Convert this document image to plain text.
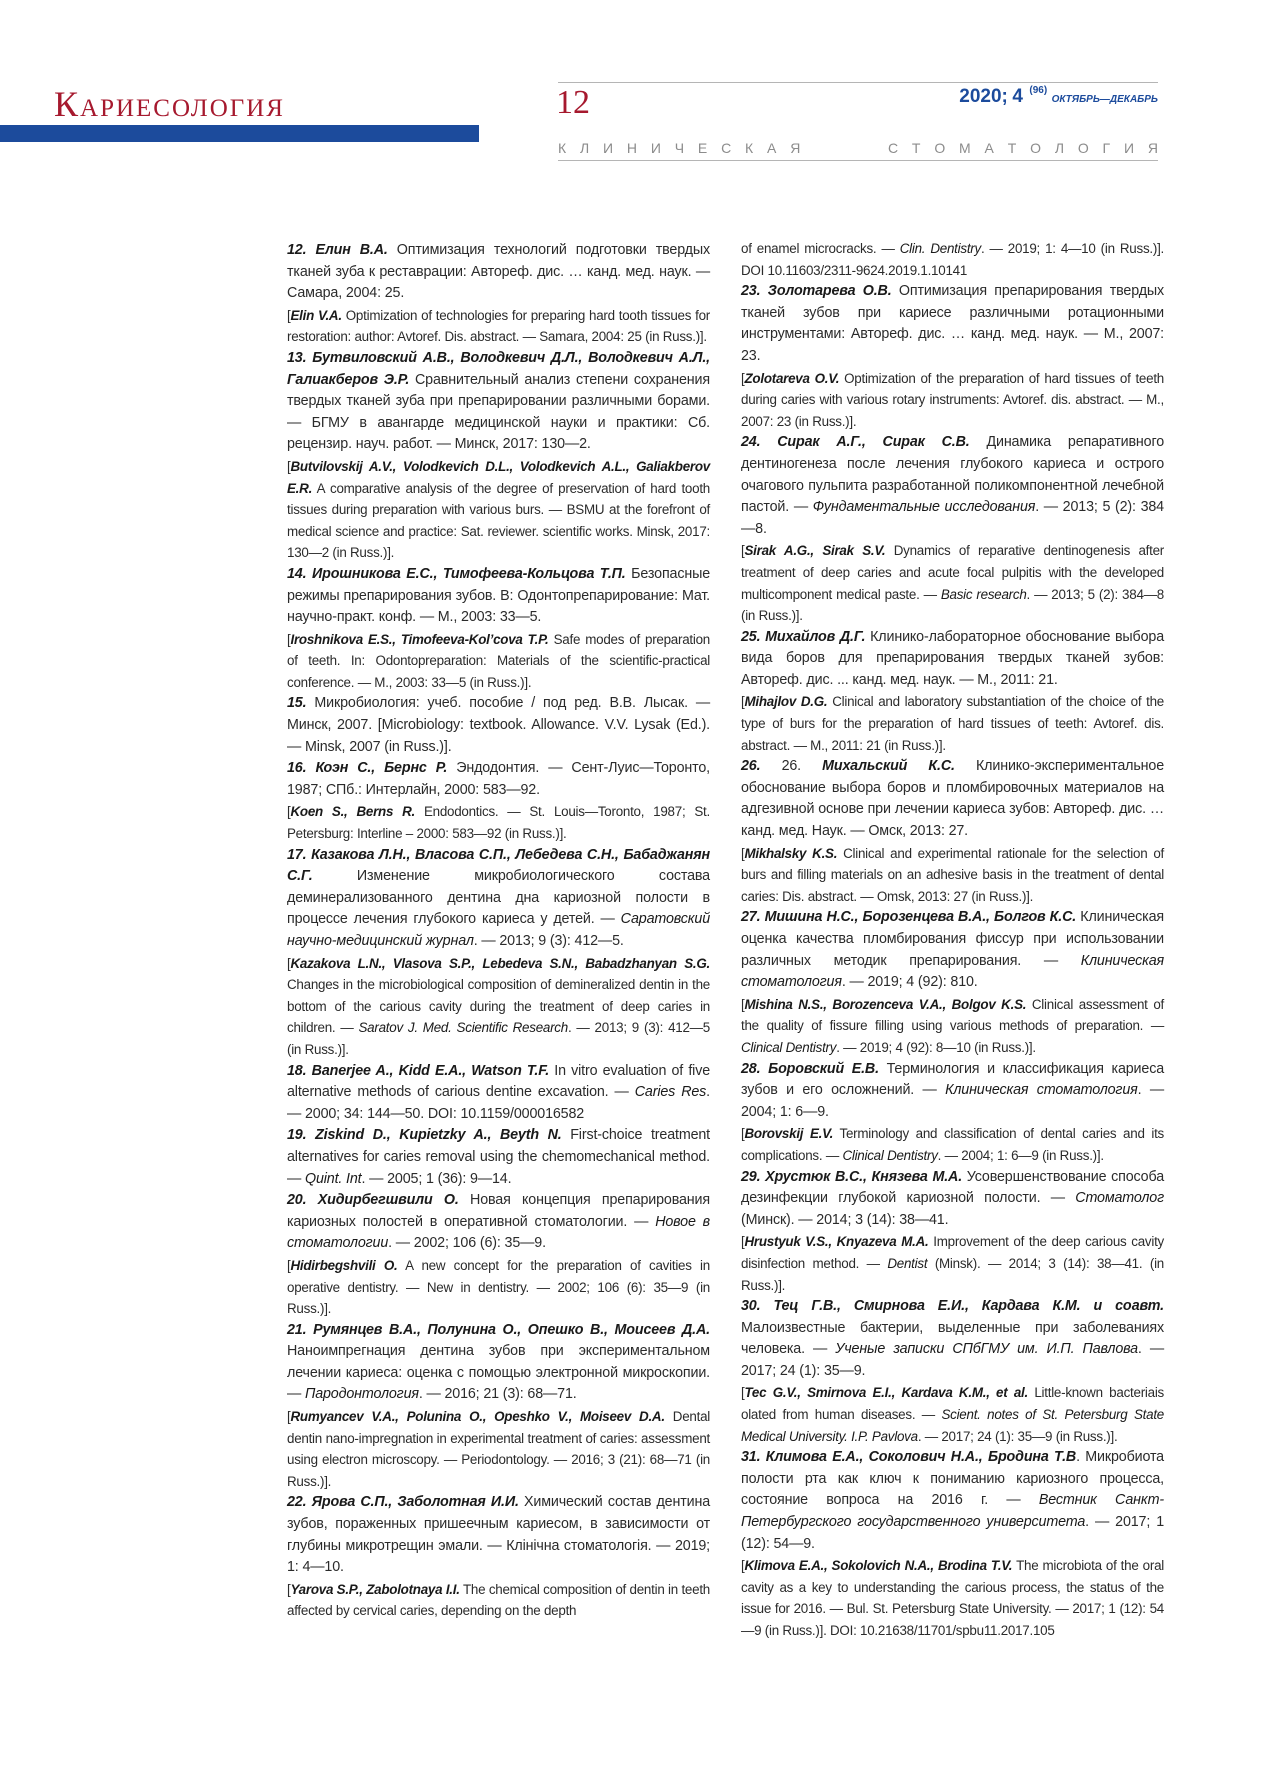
Кариесология	12	2020; 4 $^{(96)}$ ОКТЯБРЬ—ДЕКАБРЬ
К Л И Н И Ч Е С К А Я	С Т О М А Т О Л О Г И Я

12. Елин В.А. Оптимизация технологий подготовки твердых тканей зуба к реставрации: Автореф. дис. … канд. мед. наук. — Самара, 2004: 25.

[Elin V.A. Optimization of technologies for preparing hard tooth tissues for restoration: author: Avtoref. Dis. abstract. — Samara, 2004: 25 (in Russ.)].

13. Бутвиловский А.В., Володкевич Д.Л., Володкевич А.Л., Галиакберов Э.Р. Сравнительный анализ степени сохранения твердых тканей зуба при препарировании различными борами. — БГМУ в авангарде медицинской науки и практики: Сб. рецензир. науч. работ. — Минск, 2017: 130—2.

[Butvilovskij A.V., Volodkevich D.L., Volodkevich A.L., Galiakberov E.R. A comparative analysis of the degree of preservation of hard tooth tissues during preparation with various burs. — BSMU at the forefront of medical science and practice: Sat. reviewer. scientific works. Minsk, 2017: 130—2 (in Russ.)].

14. Ирошникова Е.С., Тимофеева-Кольцова Т.П. Безопасные режимы препарирования зубов. В: Одонтопрепарирование: Мат. научно-практ. конф. — М., 2003: 33—5.

[Iroshnikova E.S., Timofeeva-Kol’cova T.P. Safe modes of preparation of teeth. In: Odontopreparation: Materials of the scientific-practical conference. — M., 2003: 33—5 (in Russ.)].

15. Микробиология: учеб. пособие / под ред. В.В. Лысак. — Минск, 2007. [Microbiology: textbook. Allowance. V.V. Lysak (Ed.). — Minsk, 2007 (in Russ.)].

16. Коэн С., Бернс Р. Эндодонтия. — Сент-Луис—Торонто, 1987; СПб.: Интерлайн, 2000: 583—92.

[Koen S., Berns R. Endodontics. — St. Louis—Toronto, 1987; St. Petersburg: Interline – 2000: 583—92 (in Russ.)].

17. Казакова Л.Н., Власова С.П., Лебедева С.Н., Бабаджанян С.Г. Изменение микробиологического состава деминерализованного дентина дна кариозной полости в процессе лечения глубокого кариеса у детей. — Саратовский научно-медицинский журнал. — 2013; 9 (3): 412—5.

[Kazakova L.N., Vlasova S.P., Lebedeva S.N., Babadzhanyan S.G. Changes in the microbiological composition of demineralized dentin in the bottom of the carious cavity during the treatment of deep caries in children. — Saratov J. Med. Scientific Research. — 2013; 9 (3): 412—5 (in Russ.)].

18. Banerjee A., Kidd E.A., Watson T.F. In vitro evaluation of five alternative methods of carious dentine excavation. — Caries Res. — 2000; 34: 144—50. DOI: 10.1159/000016582

19. Ziskind D., Kupietzky A., Beyth N. First-choice treatment alternatives for caries removal using the chemomechanical method. — Quint. Int. — 2005; 1 (36): 9—14.

20. Хидирбегшвили О. Новая концепция препарирования кариозных полостей в оперативной стоматологии. — Новое в стоматологии. — 2002; 106 (6): 35—9.

[Hidirbegshvili O. A new concept for the preparation of cavities in operative dentistry. — New in dentistry. — 2002; 106 (6): 35—9 (in Russ.)].

21. Румянцев В.А., Полунина О., Опешко В., Моисеев Д.А. Наноимпрегнация дентина зубов при экспериментальном лечении кариеса: оценка с помощью электронной микроскопии. — Пародонтология. — 2016; 21 (3): 68—71.

[Rumyancev V.A., Polunina O., Opeshko V., Moiseev D.A. Dental dentin nano-impregnation in experimental treatment of caries: assessment using electron microscopy. — Periodontology. — 2016; 3 (21): 68—71 (in Russ.)].

22. Ярова С.П., Заболотная И.И. Химический состав дентина зубов, пораженных пришеечным кариесом, в зависимости от глубины микротрещин эмали. — Клінічна стоматологія. — 2019; 1: 4—10.

[Yarova S.P., Zabolotnaya I.I. The chemical composition of dentin in teeth affected by cervical caries, depending on the depth

of enamel microcracks. — Clin. Dentistry. — 2019; 1: 4—10 (in Russ.)]. DOI 10.11603/2311-9624.2019.1.10141

23. Золотарева О.В. Оптимизация препарирования твердых тканей зубов при кариесе различными ротационными инструментами: Автореф. дис. … канд. мед. наук. — М., 2007: 23.

[Zolotareva O.V. Optimization of the preparation of hard tissues of teeth during caries with various rotary instruments: Avtoref. dis. abstract. — M., 2007: 23 (in Russ.)].

24. Сирак А.Г., Сирак С.В. Динамика репаративного дентиногенеза после лечения глубокого кариеса и острого очагового пульпита разработанной поликомпонентной лечебной пастой. — Фундаментальные исследования. — 2013; 5 (2): 384—8.

[Sirak A.G., Sirak S.V. Dynamics of reparative dentinogenesis after treatment of deep caries and acute focal pulpitis with the developed multicomponent medical paste. — Basic research. — 2013; 5 (2): 384—8 (in Russ.)].

25. Михайлов Д.Г. Клинико-лабораторное обоснование выбора вида боров для препарирования твердых тканей зубов: Автореф. дис. ... канд. мед. наук. — М., 2011: 21.

[Mihajlov D.G. Clinical and laboratory substantiation of the choice of the type of burs for the preparation of hard tissues of teeth: Avtoref. dis. abstract. — M., 2011: 21 (in Russ.)].

26. 26. Михальский К.С. Клинико-экспериментальное обоснование выбора боров и пломбировочных материалов на адгезивной основе при лечении кариеса зубов: Автореф. дис. … канд. мед. Наук. — Омск, 2013: 27.

[Mikhalsky K.S. Clinical and experimental rationale for the selection of burs and filling materials on an adhesive basis in the treatment of dental caries: Dis. abstract. — Omsk, 2013: 27 (in Russ.)].

27. Мишина Н.С., Борозенцева В.А., Болгов К.С. Клиническая оценка качества пломбирования фиссур при использовании различных методик препарирования. — Клиническая стоматология. — 2019; 4 (92): 810.

[Mishina N.S., Borozenceva V.A., Bolgov K.S. Clinical assessment of the quality of fissure filling using various methods of preparation. — Clinical Dentistry. — 2019; 4 (92): 8—10 (in Russ.)].

28. Боровский Е.В. Терминология и классификация кариеса зубов и его осложнений. — Клиническая стоматология. — 2004; 1: 6—9.

[Borovskij E.V. Terminology and classification of dental caries and its complications. — Clinical Dentistry. — 2004; 1: 6—9 (in Russ.)].

29. Хрустюк В.С., Князева М.А. Усовершенствование способа дезинфекции глубокой кариозной полости. — Стоматолог (Минск). — 2014; 3 (14): 38—41.

[Hrustyuk V.S., Knyazeva M.A. Improvement of the deep carious cavity disinfection method. — Dentist (Minsk). — 2014; 3 (14): 38—41. (in Russ.)].

30. Тец Г.В., Смирнова Е.И., Кардава К.М. и соавт. Малоизвестные бактерии, выделенные при заболеваниях человека. — Ученые записки СПбГМУ им. И.П. Павлова. — 2017; 24 (1): 35—9.

[Tec G.V., Smirnova E.I., Kardava K.M., et al. Little-known bacteriais olated from human diseases. — Scient. notes of St. Petersburg State Medical University. I.P. Pavlova. — 2017; 24 (1): 35—9 (in Russ.)].

31. Климова Е.А., Соколович Н.А., Бродина Т.В. Микробиота полости рта как ключ к пониманию кариозного процесса, состояние вопроса на 2016 г. — Вестник Санкт-Петербургского государственного университета. — 2017; 1 (12): 54—9.

[Klimova E.A., Sokolovich N.A., Brodina T.V. The microbiota of the oral cavity as a key to understanding the carious process, the status of the issue for 2016. — Bul. St. Petersburg State University. — 2017; 1 (12): 54—9 (in Russ.)]. DOI: 10.21638/11701/spbu11.2017.105
